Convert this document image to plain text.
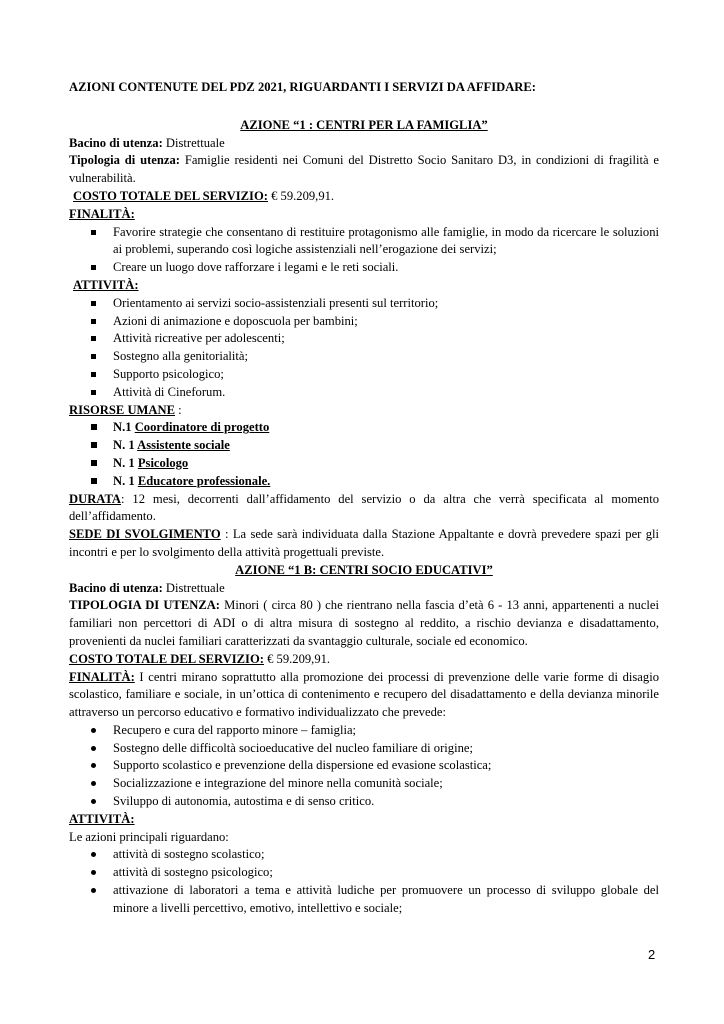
AZIONI CONTENUTE DEL PDZ 2021, RIGUARDANTI I SERVIZI DA AFFIDARE:

AZIONE “1 : CENTRI PER LA FAMIGLIA”

Bacino di utenza: Distrettuale

Tipologia di utenza: Famiglie residenti nei Comuni del Distretto Socio Sanitaro D3, in condizioni di fragilità e vulnerabilità.

COSTO TOTALE DEL SERVIZIO: € 59.209,91.

FINALITÀ:

Favorire strategie che consentano di restituire protagonismo alle famiglie, in modo da ricercare le soluzioni ai problemi, superando così logiche assistenziali nell’erogazione dei servizi;
Creare un luogo dove rafforzare i legami e le reti sociali.

ATTIVITÀ:

Orientamento ai servizi socio-assistenziali presenti sul territorio;
Azioni di animazione e doposcuola per bambini;
Attività ricreative per adolescenti;
Sostegno alla genitorialità;
Supporto psicologico;
Attività di Cineforum.

RISORSE UMANE :

N.1 Coordinatore di progetto
N. 1 Assistente sociale
N. 1 Psicologo
N. 1 Educatore professionale.

DURATA: 12 mesi, decorrenti dall’affidamento del servizio o da altra che verrà specificata al momento dell’affidamento.

SEDE DI SVOLGIMENTO : La sede sarà individuata dalla Stazione Appaltante e dovrà prevedere spazi per gli incontri e per lo svolgimento della attività progettuali previste.

AZIONE “1 B: CENTRI SOCIO EDUCATIVI”

Bacino di utenza: Distrettuale

TIPOLOGIA DI UTENZA: Minori ( circa 80 ) che rientrano nella fascia d’età 6 - 13 anni, appartenenti a nuclei familiari non percettori di ADI o di altra misura di sostegno al reddito, a rischio devianza e disadattamento, provenienti da nuclei familiari caratterizzati da svantaggio culturale, sociale ed economico.

COSTO TOTALE DEL SERVIZIO: € 59.209,91.

FINALITÀ: I centri mirano soprattutto alla promozione dei processi di prevenzione delle varie forme di disagio scolastico, familiare e sociale, in un’ottica di contenimento e recupero del disadattamento e della devianza minorile attraverso un percorso educativo e formativo individualizzato che prevede:

Recupero e cura del rapporto minore – famiglia;
Sostegno delle difficoltà socioeducative del nucleo familiare di origine;
Supporto scolastico e prevenzione della dispersione ed evasione scolastica;
Socializzazione e integrazione del minore nella comunità sociale;
Sviluppo di autonomia, autostima e di senso critico.

ATTIVITÀ:

Le azioni principali riguardano:

attività di sostegno scolastico;
attività di sostegno psicologico;
attivazione di laboratori a tema e attività ludiche per promuovere un processo di sviluppo globale del minore a livelli percettivo, emotivo, intellettivo e sociale;
2
